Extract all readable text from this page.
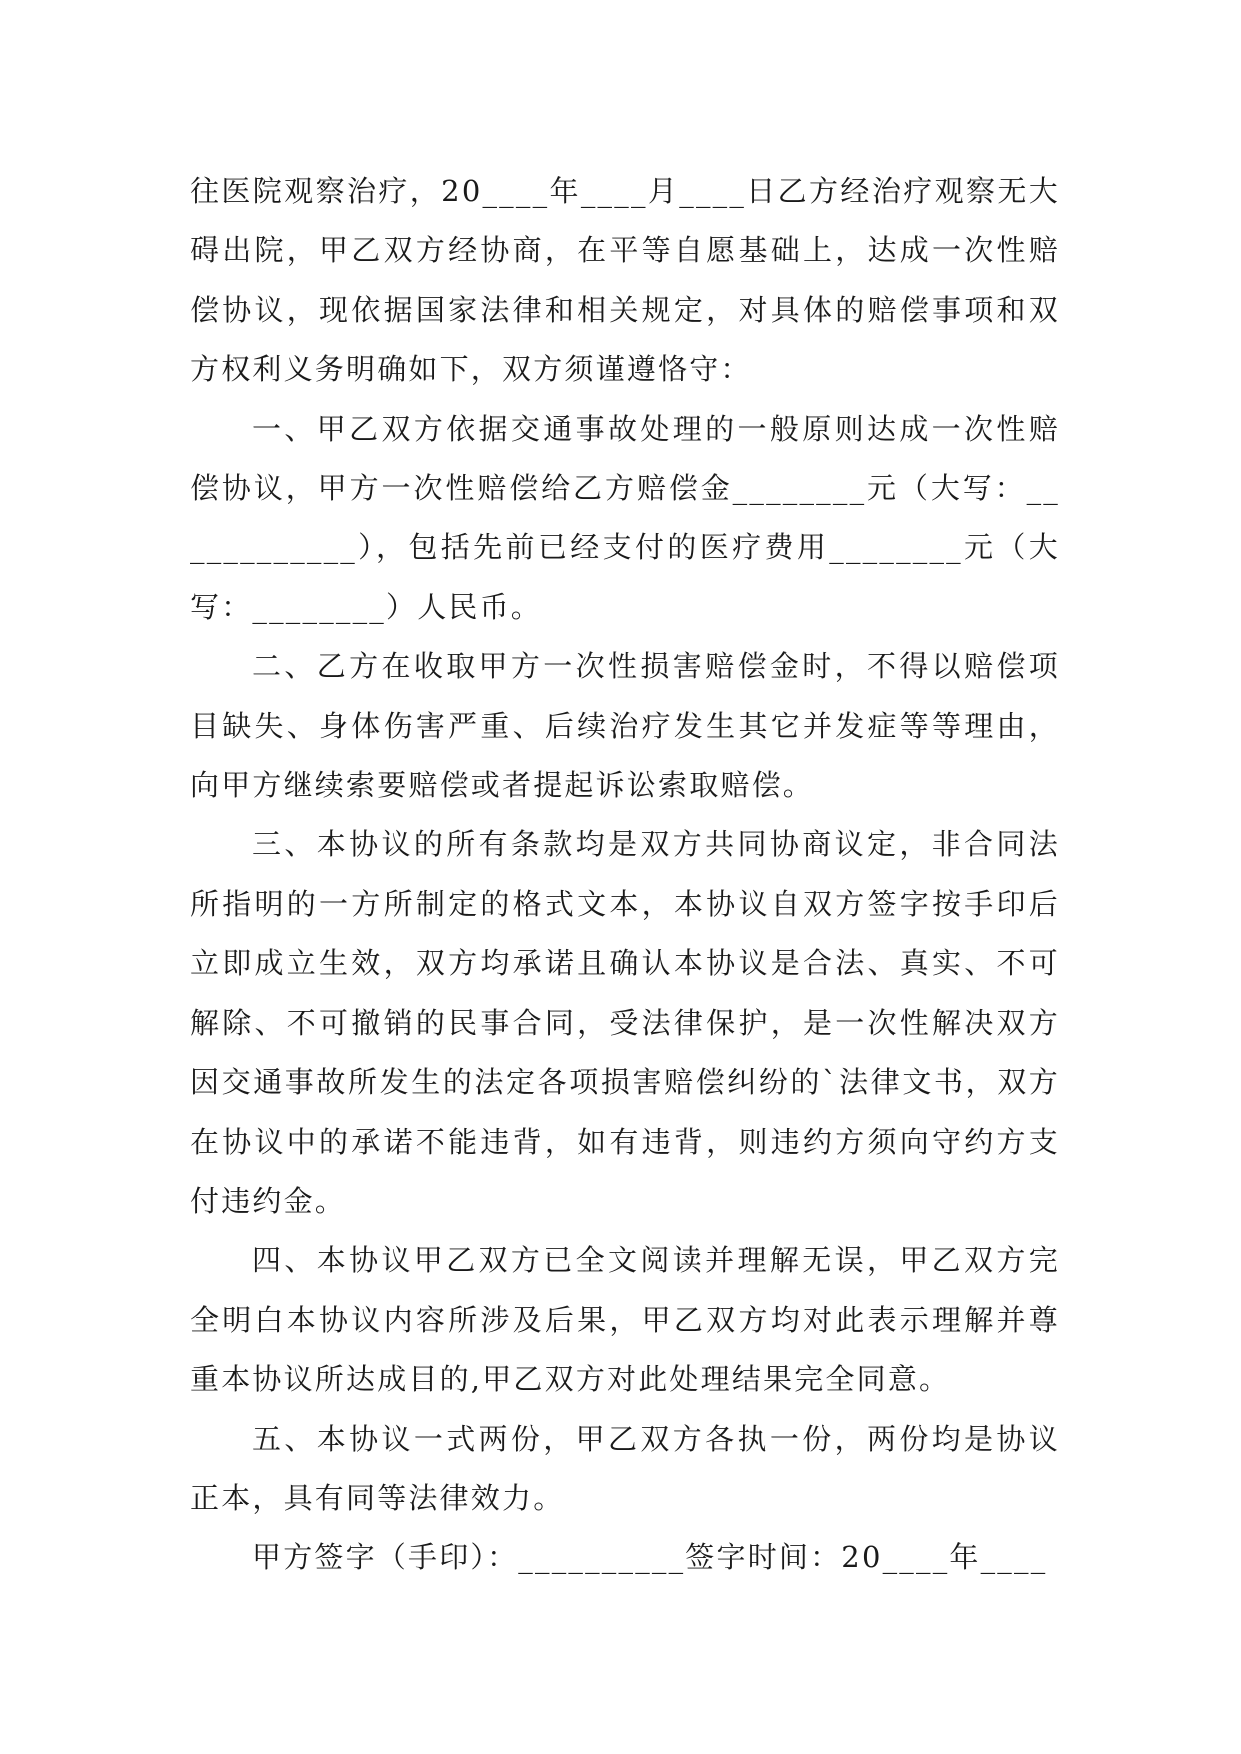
往医院观察治疗，20____年____月____日乙方经治疗观察无大碍出院，甲乙双方经协商，在平等自愿基础上，达成一次性赔偿协议，现依据国家法律和相关规定，对具体的赔偿事项和双方权利义务明确如下，双方须谨遵恪守：

一、甲乙双方依据交通事故处理的一般原则达成一次性赔偿协议，甲方一次性赔偿给乙方赔偿金________元（大写：____________），包括先前已经支付的医疗费用________元（大写：________）人民币。

二、乙方在收取甲方一次性损害赔偿金时，不得以赔偿项目缺失、身体伤害严重、后续治疗发生其它并发症等等理由，向甲方继续索要赔偿或者提起诉讼索取赔偿。

三、本协议的所有条款均是双方共同协商议定，非合同法所指明的一方所制定的格式文本，本协议自双方签字按手印后立即成立生效，双方均承诺且确认本协议是合法、真实、不可解除、不可撤销的民事合同，受法律保护，是一次性解决双方因交通事故所发生的法定各项损害赔偿纠纷的`法律文书，双方在协议中的承诺不能违背，如有违背，则违约方须向守约方支付违约金。

四、本协议甲乙双方已全文阅读并理解无误，甲乙双方完全明白本协议内容所涉及后果，甲乙双方均对此表示理解并尊重本协议所达成目的,甲乙双方对此处理结果完全同意。

五、本协议一式两份，甲乙双方各执一份，两份均是协议正本，具有同等法律效力。

甲方签字（手印）：__________签字时间：20____年____
